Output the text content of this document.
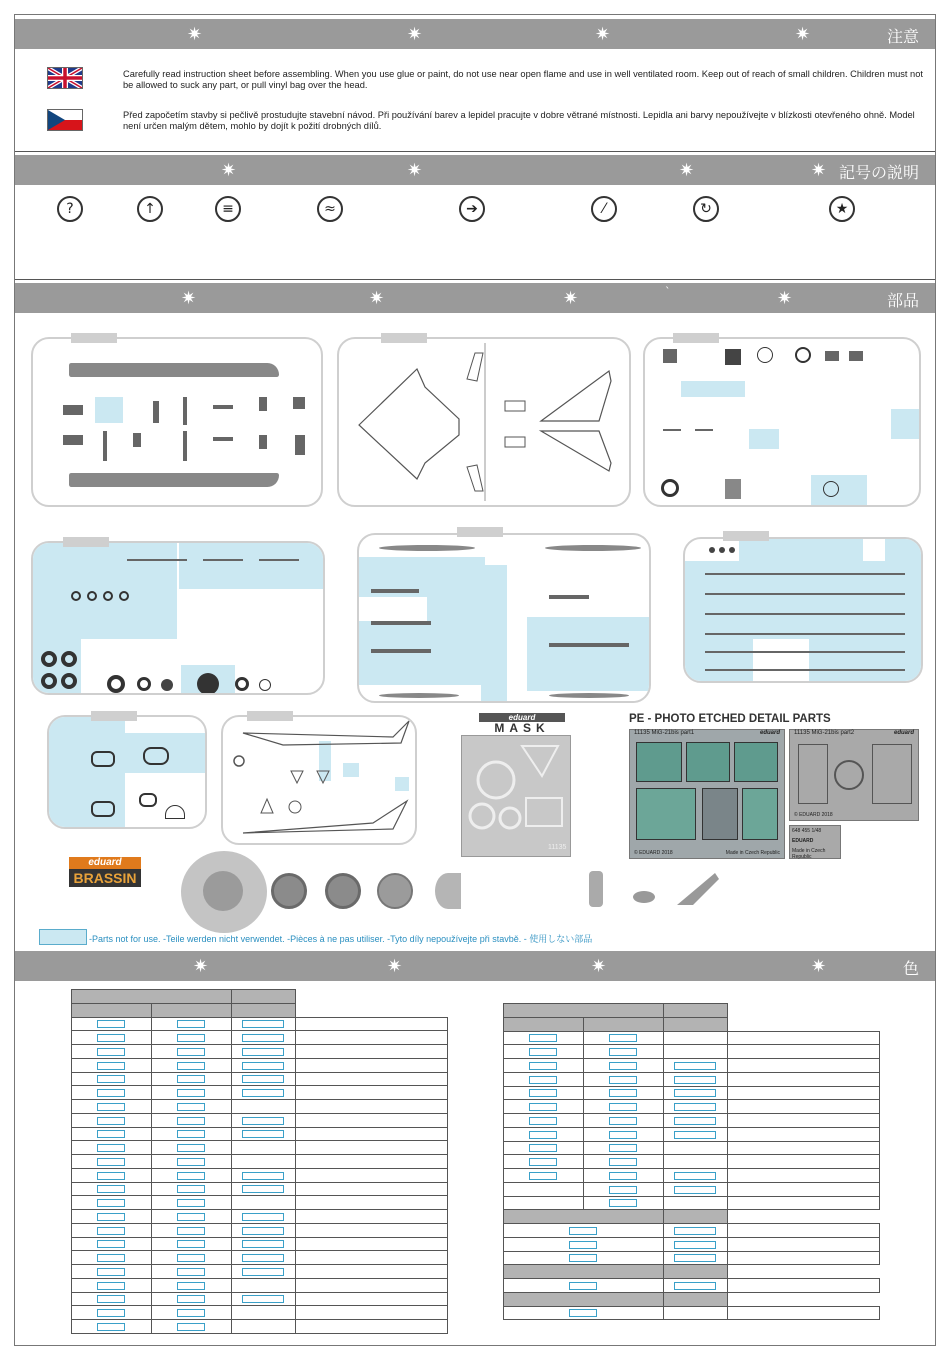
✷	✷	✷	✷	注意
Carefully read instruction sheet before assembling. When you use glue or paint, do not use near open flame and use in well ventilated room. Keep out of reach of small children. Children must not be allowed to suck any part, or pull vinyl bag over the head.
Před započetím stavby si pečlivě prostudujte stavební návod. Při používání barev a lepidel pracujte v dobre větrané místnosti. Lepidla ani barvy nepoužívejte v blízkosti otevřeného ohně. Model není určen malým dětem, mohlo by dojít k požití drobných dílů.
✷	✷	✷	✷ 記号の説明
?	↑	≡	≈	➔	⁄	↻	★
✷	✷	✷	`	✷	部品
eduard
MASK
11135
PE - PHOTO ETCHED DETAIL PARTS
11135 MiG-21bis part1	eduard
© EDUARD 2018	Made in Czech Republic
11135 MiG-21bis part2	eduard
© EDUARD 2018
648 455 1/48
EDUARD
Made in Czech Republic
eduard
BRASSIN
-Parts not for use. -Teile werden nicht verwendet. -Pièces à ne pas utiliser. -Tyto díly nepoužívejte při stavbě. - 使用しない部品
✷	✷	✷	✷	色
